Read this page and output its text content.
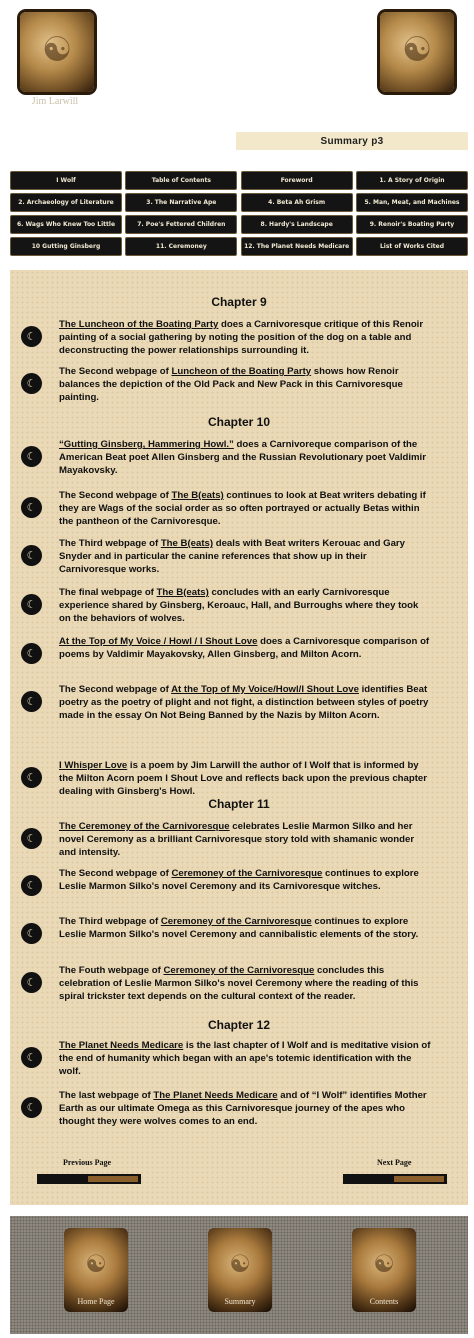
☯
Jim Larwill
☯
Summary p3
I Wolf	Table of Contents	Foreword	1. A Story of Origin
2. Archaeology of Literature	3. The Narrative Ape	4. Beta Ah Grism	5. Man, Meat, and Machines
6. Wags Who Knew Too Little	7. Poe's Fettered Children	8. Hardy's Landscape	9. Renoir's Boating Party
10 Gutting Ginsberg	11. Ceremoney	12. The Planet Needs Medicare	List of Works Cited
Chapter 9
☾
The Luncheon of the Boating Party does a Carnivoresque critique of this Renoir painting of a social gathering by noting the position of the dog on a table and deconstructing the power relationships surrounding it.
☾
The Second webpage of Luncheon of the Boating Party shows how Renoir balances the depiction of the Old Pack and New Pack in this Carnivoresque painting.
Chapter 10
☾
“Gutting Ginsberg, Hammering Howl.” does a Carnivoreque comparison of the American Beat poet Allen Ginsberg and the Russian Revolutionary poet Valdimir Mayakovsky.
☾
The Second webpage of The B(eats) continues to look at Beat writers debating if they are Wags of the social order as so often portrayed or actually Betas within the pantheon of the Carnivoresque.
☾
The Third webpage of The B(eats) deals with Beat writers Kerouac and Gary Snyder and in particular the canine references that show up in their Carnivoresque works.
☾
The final webpage of The B(eats) concludes with an early Carnivoresque experience shared by Ginsberg, Keroauc, Hall, and Burroughs where they took on the behaviors of wolves.
☾
At the Top of My Voice / Howl / I Shout Love does a Carnivoresque comparison of poems by Valdimir Mayakovsky, Allen Ginsberg, and Milton Acorn.
☾
The Second webpage of At the Top of My Voice/Howl/I Shout Love identifies Beat poetry as the poetry of plight and not fight, a distinction between styles of poetry made in the essay On Not Being Banned by the Nazis by Milton Acorn.
☾
I Whisper Love is a poem by Jim Larwill the author of I Wolf that is informed by the Milton Acorn poem I Shout Love and reflects back upon the previous chapter dealing with Ginsberg's Howl.
Chapter 11
☾
The Ceremoney of the Carnivoresque celebrates Leslie Marmon Silko and her novel Ceremony as a brilliant Carnivoresque story told with shamanic wonder and intensity.
☾
The Second webpage of Ceremoney of the Carnivoresque continues to explore Leslie Marmon Silko's novel Ceremony and its Carnivoresque witches.
☾
The Third webpage of Ceremoney of the Carnivoresque continues to explore Leslie Marmon Silko's novel Ceremony and cannibalistic elements of the story.
☾
The Fouth webpage of Ceremoney of the Carnivoresque concludes this celebration of Leslie Marmon Silko's novel Ceremony where the reading of this spiral trickster text depends on the cultural context of the reader.
Chapter 12
☾
The Planet Needs Medicare is the last chapter of I Wolf and is meditative vision of the end of humanity which began with an ape's totemic identification with the wolf.
☾
The last webpage of The Planet Needs Medicare and of “I Wolf” identifies Mother Earth as our ultimate Omega as this Carnivoresque journey of the apes who thought they were wolves comes to an end.
Previous Page	Next Page
☯
Home Page
☯
Summary
☯
Contents
